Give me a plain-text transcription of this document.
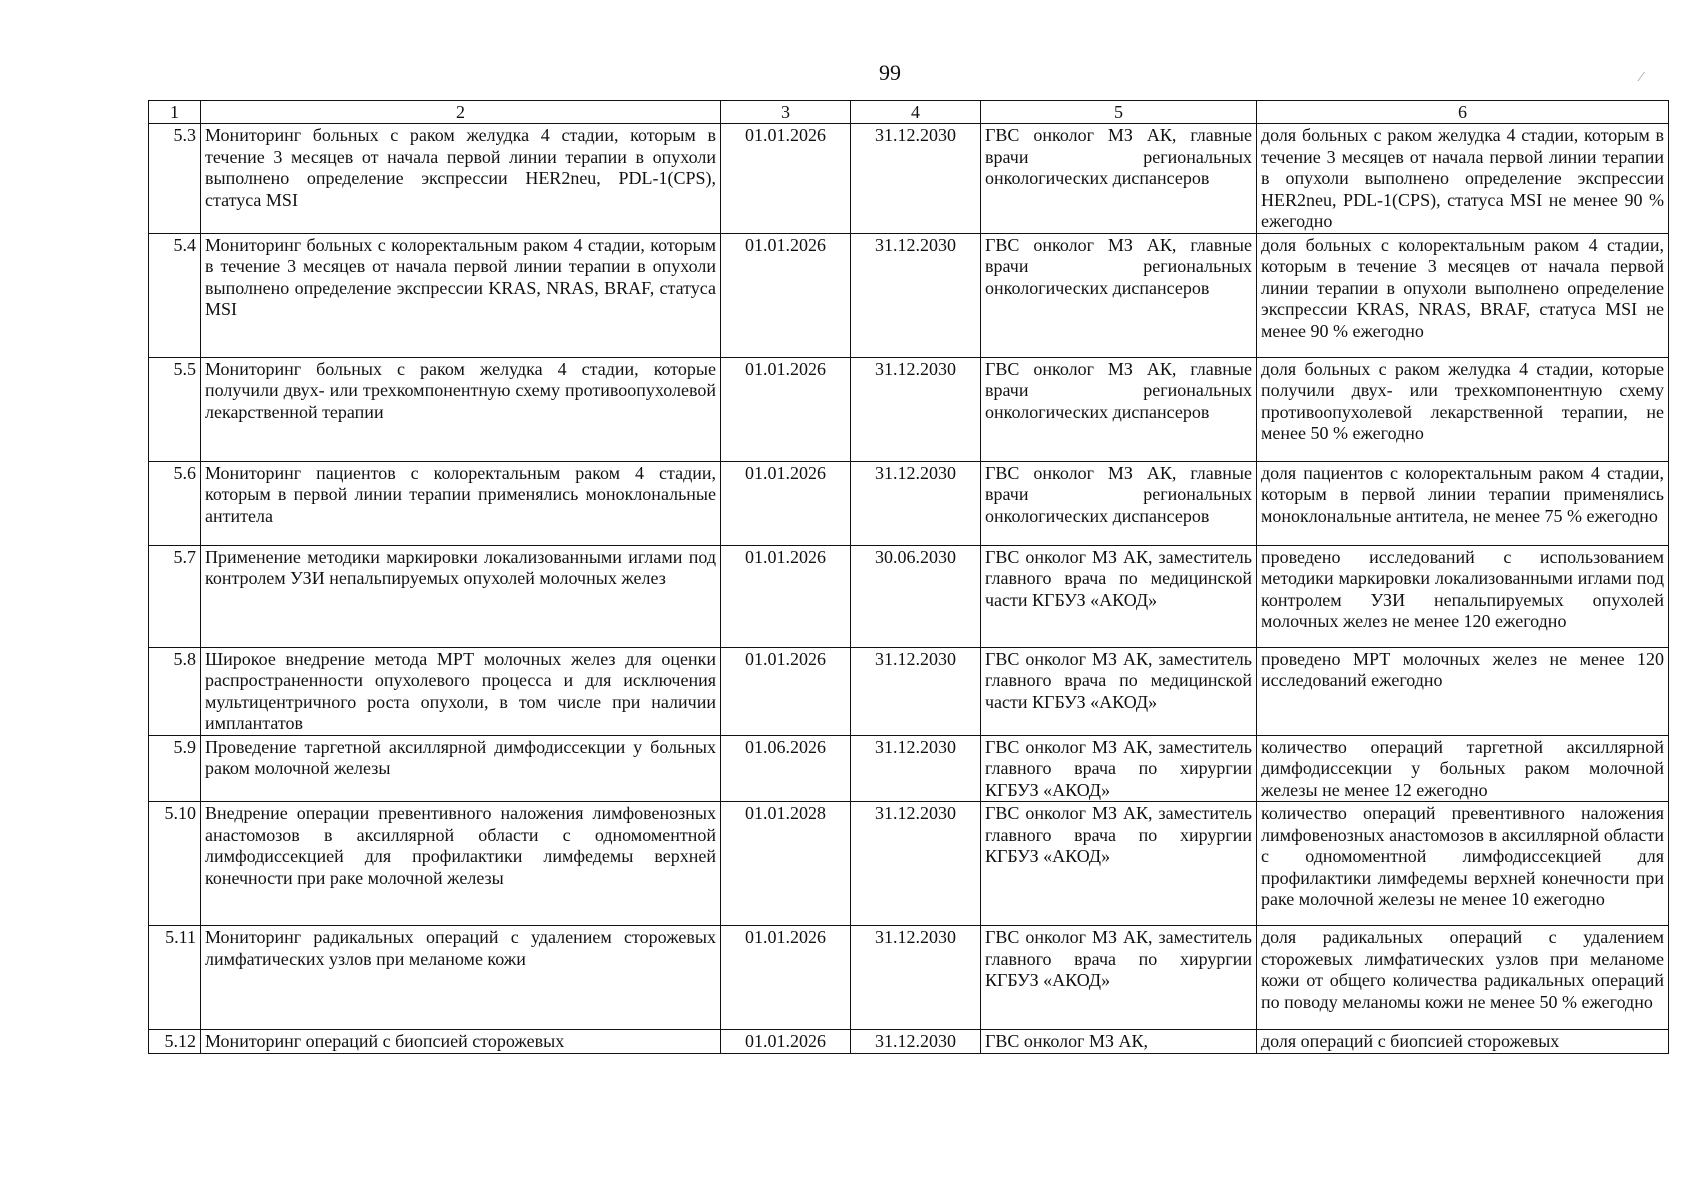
99
1	2	3	4	5	6
5.3	Мониторинг больных с раком желудка 4 стадии, которым в течение 3 месяцев от начала первой линии терапии в опухоли выполнено определение экспрессии HER2neu, PDL-1(CPS), статуса MSI	01.01.2026	31.12.2030	ГВС онколог МЗ АК, главные врачи региональных онкологических диспансеров	доля больных с раком желудка 4 стадии, которым в течение 3 месяцев от начала первой линии терапии в опухоли выполнено определение экспрессии HER2neu, PDL-1(CPS), статуса MSI не менее 90 % ежегодно
5.4	Мониторинг больных с колоректальным раком 4 стадии, которым в течение 3 месяцев от начала первой линии терапии в опухоли выполнено определение экспрессии KRAS, NRAS, BRAF, статуса MSI	01.01.2026	31.12.2030	ГВС онколог МЗ АК, главные врачи региональных онкологических диспансеров	доля больных с колоректальным раком 4 стадии, которым в течение 3 месяцев от начала первой линии терапии в опухоли выполнено определение экспрессии KRAS, NRAS, BRAF, статуса MSI не менее 90 % ежегодно
5.5	Мониторинг больных с раком желудка 4 стадии, которые получили двух- или трехкомпонентную схему противоопухолевой лекарственной терапии	01.01.2026	31.12.2030	ГВС онколог МЗ АК, главные врачи региональных онкологических диспансеров	доля больных с раком желудка 4 стадии, которые получили двух- или трехкомпонентную схему противоопухолевой лекарственной терапии, не менее 50 % ежегодно
5.6	Мониторинг пациентов с колоректальным раком 4 стадии, которым в первой линии терапии применялись моноклональные антитела	01.01.2026	31.12.2030	ГВС онколог МЗ АК, главные врачи региональных онкологических диспансеров	доля пациентов с колоректальным раком 4 стадии, которым в первой линии терапии применялись моноклональные антитела, не менее 75 % ежегодно
5.7	Применение методики маркировки локализованными иглами под контролем УЗИ непальпируемых опухолей молочных желез	01.01.2026	30.06.2030	ГВС онколог МЗ АК, заместитель главного врача по медицинской части КГБУЗ «АКОД»	проведено исследований с использованием методики маркировки локализованными иглами под контролем УЗИ непальпируемых опухолей молочных желез не менее 120 ежегодно
5.8	Широкое внедрение метода МРТ молочных желез для оценки распространенности опухолевого процесса и для исключения мультицентричного роста опухоли, в том числе при наличии имплантатов	01.01.2026	31.12.2030	ГВС онколог МЗ АК, заместитель главного врача по медицинской части КГБУЗ «АКОД»	проведено МРТ молочных желез не менее 120 исследований ежегодно
5.9	Проведение таргетной аксиллярной димфодиссекции у больных раком молочной железы	01.06.2026	31.12.2030	ГВС онколог МЗ АК, заместитель главного врача по хирургии КГБУЗ «АКОД»	количество операций таргетной аксиллярной димфодиссекции у больных раком молочной железы не менее 12 ежегодно
5.10	Внедрение операции превентивного наложения лимфовенозных анастомозов в аксиллярной области с одномоментной лимфодиссекцией для профилактики лимфедемы верхней конечности при раке молочной железы	01.01.2028	31.12.2030	ГВС онколог МЗ АК, заместитель главного врача по хирургии КГБУЗ «АКОД»	количество операций превентивного наложения лимфовенозных анастомозов в аксиллярной области с одномоментной лимфодиссекцией для профилактики лимфедемы верхней конечности при раке молочной железы не менее 10 ежегодно
5.11	Мониторинг радикальных операций с удалением сторожевых лимфатических узлов при меланоме кожи	01.01.2026	31.12.2030	ГВС онколог МЗ АК, заместитель главного врача по хирургии КГБУЗ «АКОД»	доля радикальных операций с удалением сторожевых лимфатических узлов при меланоме кожи от общего количества радикальных операций по поводу меланомы кожи не менее 50 % ежегодно
5.12	Мониторинг операций с биопсией сторожевых	01.01.2026	31.12.2030	ГВС онколог МЗ АК,	доля операций с биопсией сторожевых
⁄
